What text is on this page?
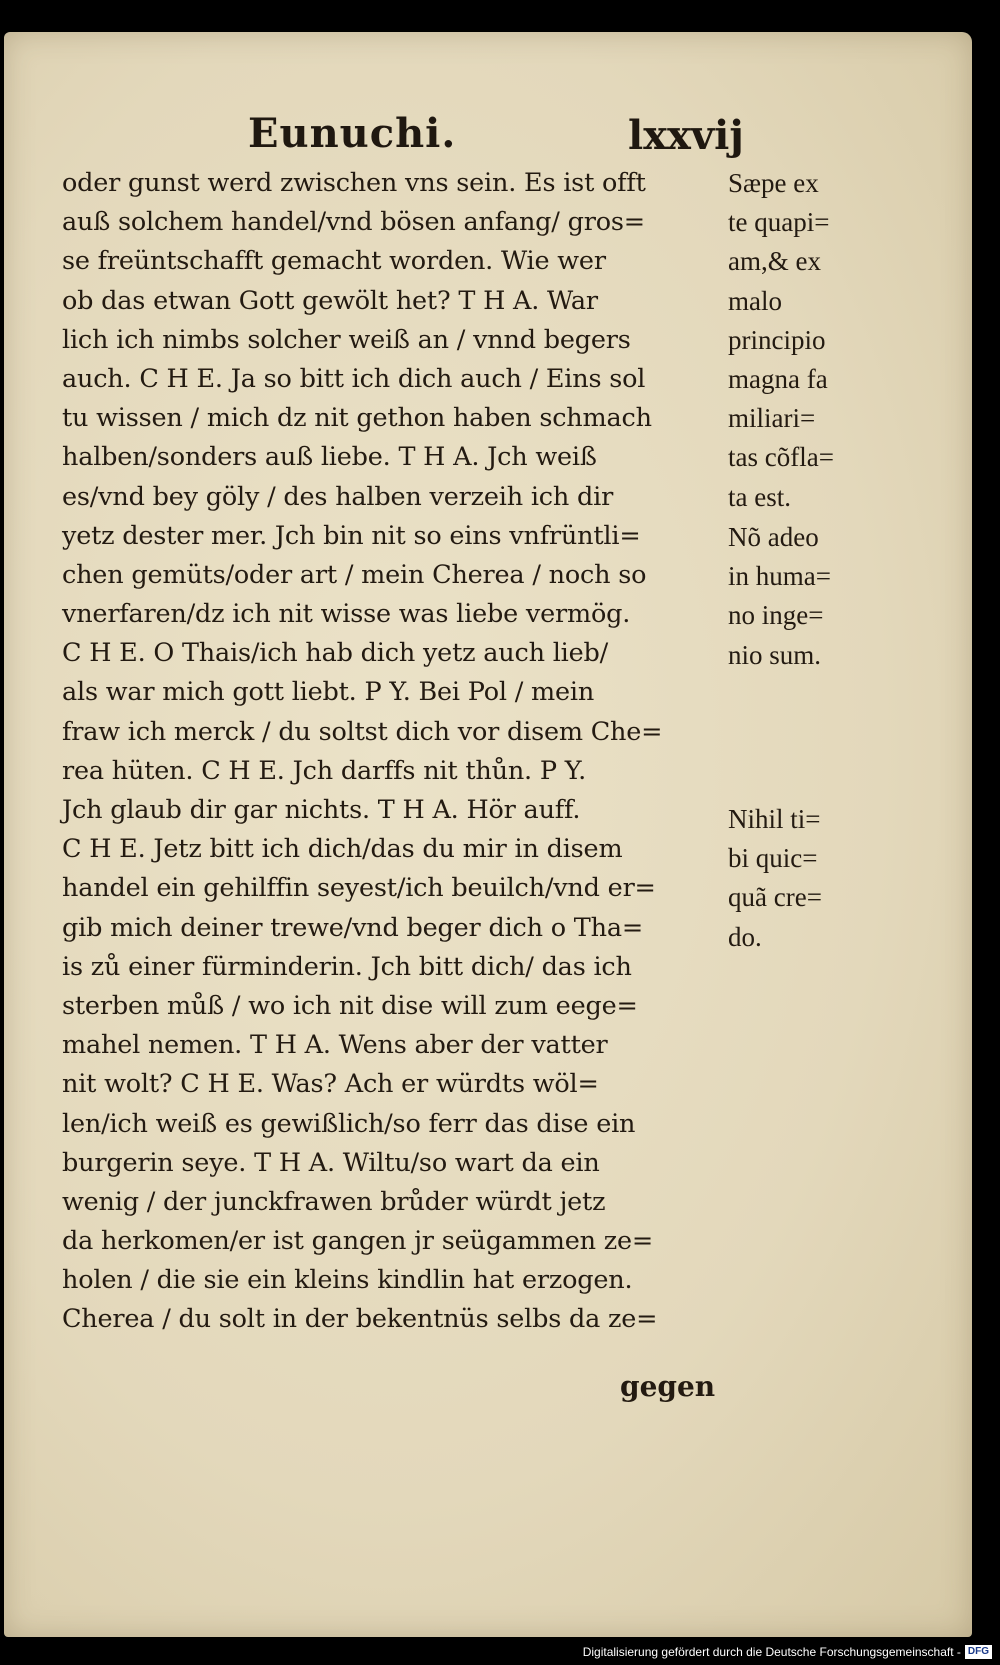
Eunuchi.	lxxvij
oder gunst werd zwischen vns sein. Es ist offt
auß solchem handel/vnd bösen anfang/ gros=
se freüntschafft gemacht worden. Wie wer
ob das etwan Gott gewölt het? T H A. War
lich ich nimbs solcher weiß an / vnnd begers
auch. C H E. Ja so bitt ich dich auch / Eins sol
tu wissen / mich dz nit gethon haben schmach
halben/sonders auß liebe. T H A. Jch weiß
es/vnd bey göly / des halben verzeih ich dir
yetz dester mer. Jch bin nit so eins vnfrüntli=
chen gemüts/oder art / mein Cherea / noch so
vnerfaren/dz ich nit wisse was liebe vermög.
C H E. O Thais/ich hab dich yetz auch lieb/
als war mich gott liebt. P Y. Bei Pol / mein
fraw ich merck / du soltst dich vor disem Che=
rea hüten. C H E. Jch darffs nit thůn. P Y.
Jch glaub dir gar nichts. T H A. Hör auff.
C H E. Jetz bitt ich dich/das du mir in disem
handel ein gehilffin seyest/ich beuilch/vnd er=
gib mich deiner trewe/vnd beger dich o Tha=
is zů einer fürminderin. Jch bitt dich/ das ich
sterben můß / wo ich nit dise will zum eege=
mahel nemen. T H A. Wens aber der vatter
nit wolt? C H E. Was? Ach er würdts wöl=
len/ich weiß es gewißlich/so ferr das dise ein
burgerin seye. T H A. Wiltu/so wart da ein
wenig / der junckfrawen brůder würdt jetz
da herkomen/er ist gangen jr seügammen ze=
holen / die sie ein kleins kindlin hat erzogen.
Cherea / du solt in der bekentnüs selbs da ze=
gegen
Sæpe ex
te quapi=
am,& ex
malo
principio
magna fa
miliari=
tas cõfla=
ta est.
Nõ adeo
in huma=
no inge=
nio sum.
Nihil ti=
bi quic=
quã cre=
do.
Digitalisierung gefördert durch die Deutsche Forschungsgemeinschaft - DFG
